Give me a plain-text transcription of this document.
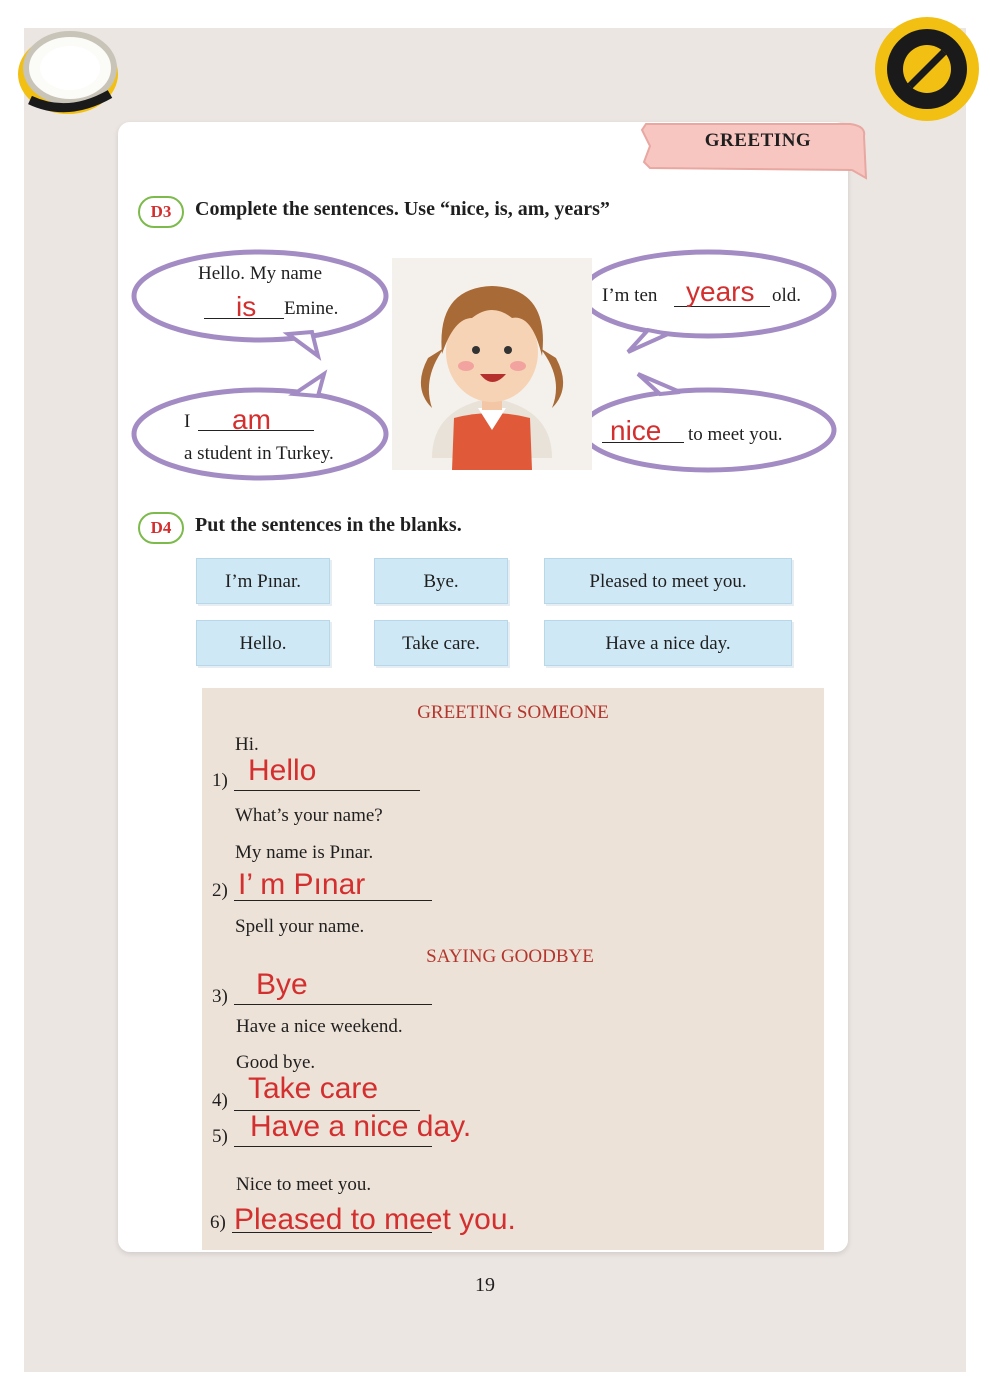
GREETING
D3	Complete the sentences. Use “nice, is, am, years”
Hello. My name
is Emine.
I’m ten years old.
I am
a student in Turkey.
nice to meet you.
D4	Put the sentences in the blanks.
I’m Pınar.	Bye.	Pleased to meet you.
Hello.	Take care.	Have a nice day.
GREETING SOMEONE
Hi.
1) Hello
What’s your name?
My name is Pınar.
2) I’ m Pınar
Spell your name.
SAYING GOODBYE
3) Bye
Have a nice weekend.
Good bye.
4) Take care
5) Have a nice day.
Nice to meet you.
6) Pleased to meet you.
19
